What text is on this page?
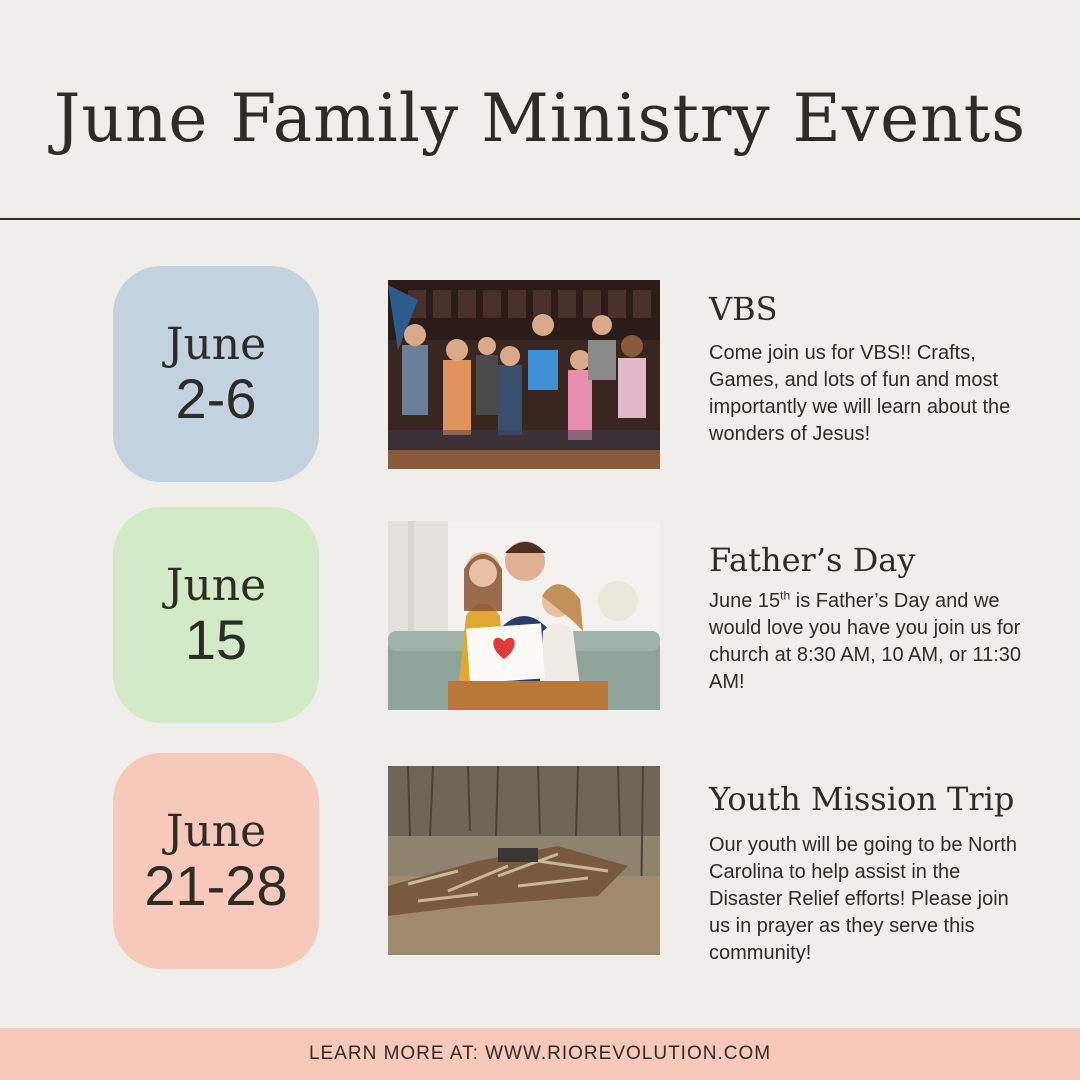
June Family Ministry Events
June
2-6
VBS

Come join us for VBS!! Crafts, Games, and lots of fun and most importantly we will learn about the wonders of Jesus!

June
15
Father’s Day

June 15th is Father’s Day and we would love you have you join us for church at 8:30 AM, 10 AM, or 11:30 AM!

June
21-28
Youth Mission Trip

Our youth will be going to be North Carolina to help assist in the Disaster Relief efforts! Please join us in prayer as they serve this community!

LEARN MORE AT: WWW.RIOREVOLUTION.COM
